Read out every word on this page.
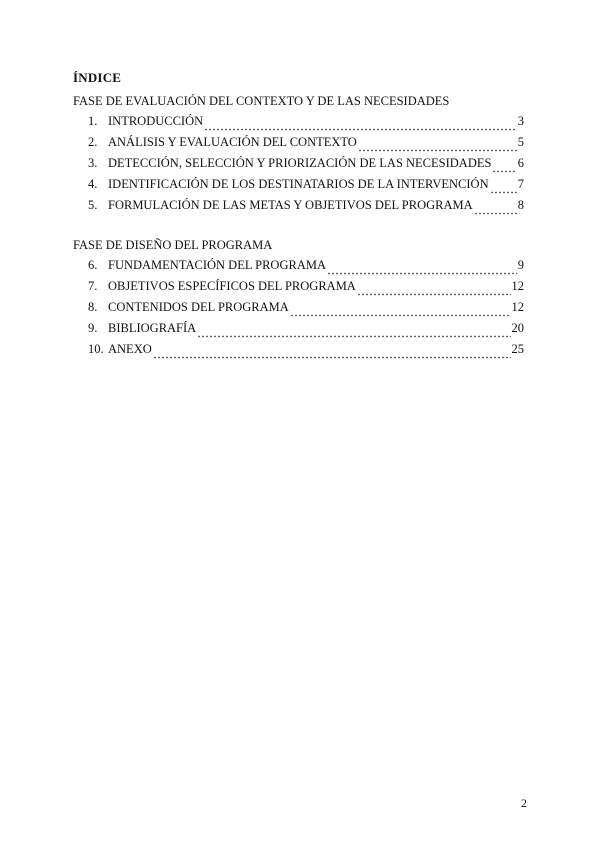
ÍNDICE
FASE DE EVALUACIÓN DEL CONTEXTO Y DE LAS NECESIDADES
1. INTRODUCCIÓN	3
2. ANÁLISIS Y EVALUACIÓN DEL CONTEXTO	5
3. DETECCIÓN, SELECCIÓN Y PRIORIZACIÓN DE LAS NECESIDADES 6
4. IDENTIFICACIÓN DE LOS DESTINATARIOS DE LA INTERVENCIÓN 7
5. FORMULACIÓN DE LAS METAS Y OBJETIVOS DEL PROGRAMA	8
FASE DE DISEÑO DEL PROGRAMA
6. FUNDAMENTACIÓN DEL PROGRAMA	9
7. OBJETIVOS ESPECÍFICOS DEL PROGRAMA	12
8. CONTENIDOS DEL PROGRAMA	12
9. BIBLIOGRAFÍA	20
10. ANEXO	25
2
